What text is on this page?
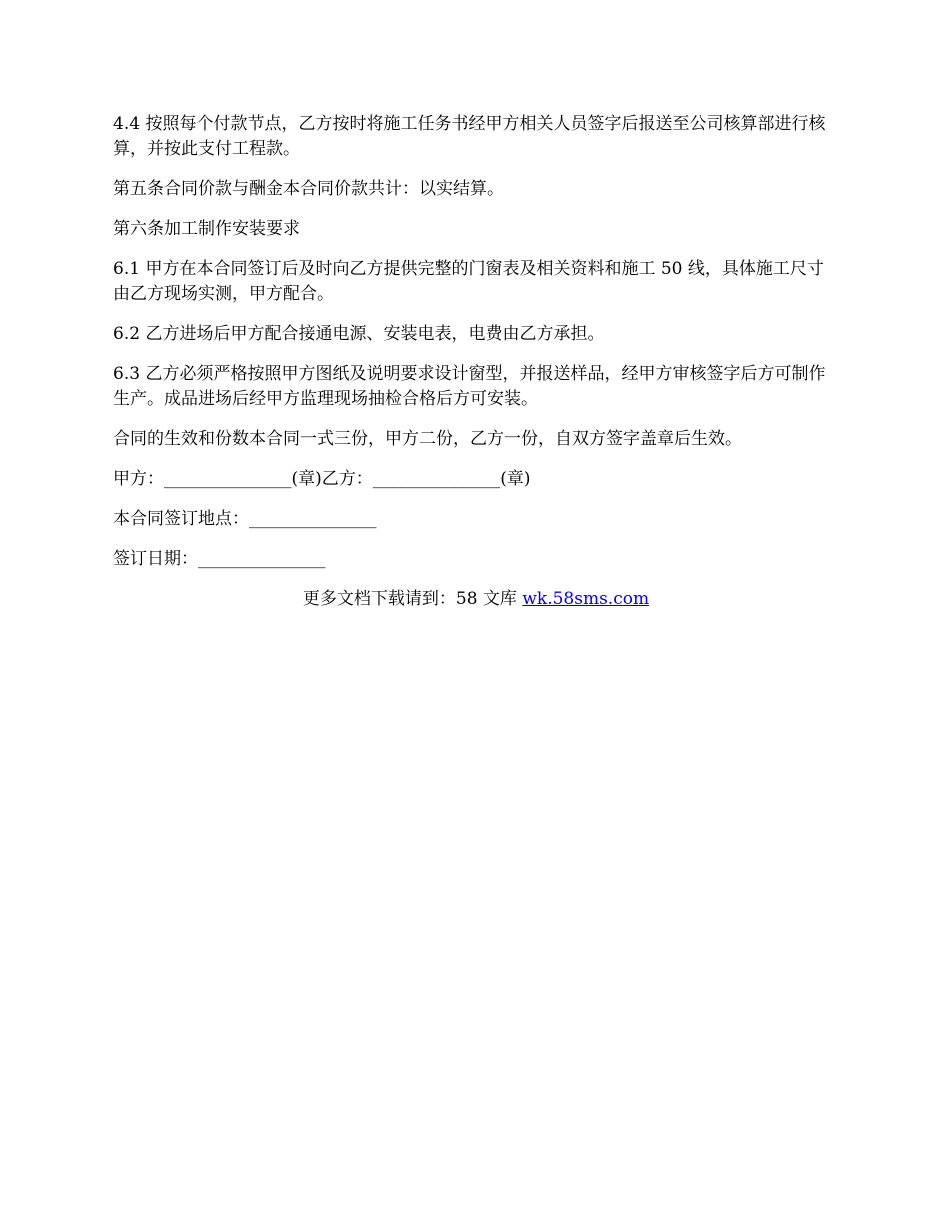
4.4 按照每个付款节点，乙方按时将施工任务书经甲方相关人员签字后报送至公司核算部进行核算，并按此支付工程款。

第五条合同价款与酬金本合同价款共计：以实结算。

第六条加工制作安装要求

6.1 甲方在本合同签订后及时向乙方提供完整的门窗表及相关资料和施工 50 线，具体施工尺寸由乙方现场实测，甲方配合。

6.2 乙方进场后甲方配合接通电源、安装电表，电费由乙方承担。

6.3 乙方必须严格按照甲方图纸及说明要求设计窗型，并报送样品，经甲方审核签字后方可制作生产。成品进场后经甲方监理现场抽检合格后方可安装。

合同的生效和份数本合同一式三份，甲方二份，乙方一份，自双方签字盖章后生效。

甲方：_______________(章)乙方：_______________(章)

本合同签订地点：_______________

签订日期：_______________

更多文档下载请到：58 文库 wk.58sms.com
